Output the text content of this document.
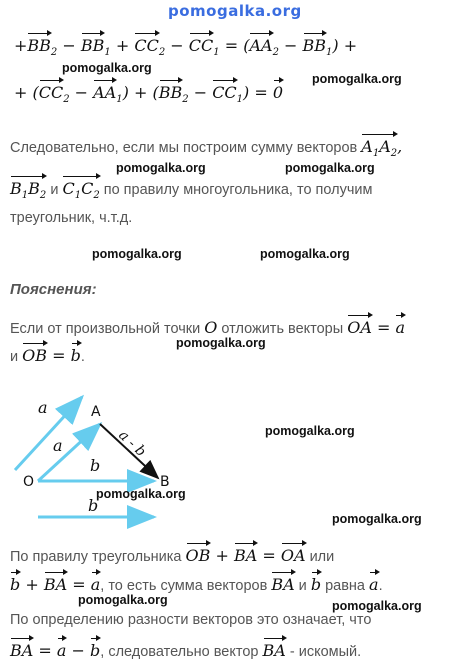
pomogalka.org
$+BB_2 - BB_1 + CC_2 - CC_1 = (AA_2 - BB_1)$ +
pomogalka.org
+ $(CC_2 - AA_1) + (BB_2 - CC_1) = 0$
pomogalka.org
Следовательно, если мы построим сумму векторов $A_1A_2$,
pomogalka.org	pomogalka.org
$B_1B_2$ и $C_1C_2$ по правилу многоугольника, то получим
треугольник, ч.т.д.
pomogalka.org	pomogalka.org
Пояснения:
Если от произвольной точки O отложить векторы OA = a
pomogalka.org
и OB = b.
a	A
a	a - b
b
O	B
b
pomogalka.org
pomogalka.org
pomogalka.org
По правилу треугольника OB + BA = OA или
b + BA = a, то есть сумма векторов BA и b равна a.
pomogalka.org	pomogalka.org
По определению разности векторов это означает, что
BA = a − b, следовательно вектор BA - искомый.
